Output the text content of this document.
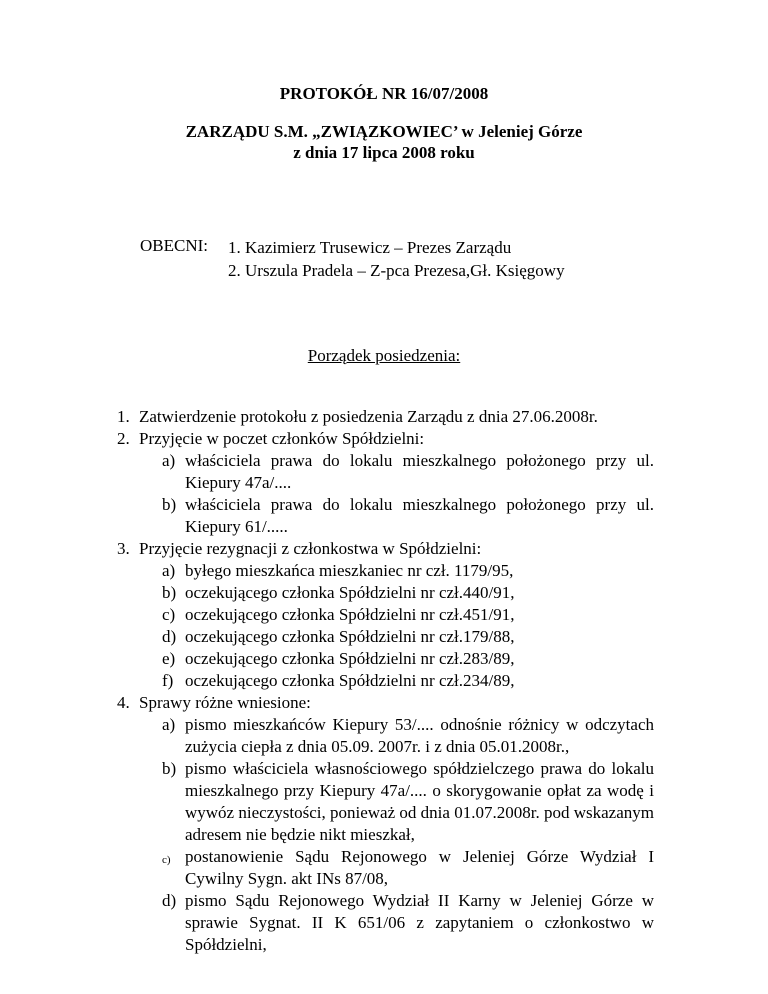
PROTOKÓŁ NR 16/07/2008
ZARZĄDU S.M. „ZWIĄZKOWIEC’ w Jeleniej Górze
z dnia 17 lipca 2008 roku
OBECNI: 1. Kazimierz Trusewicz – Prezes Zarządu
2. Urszula Pradela – Z-pca Prezesa,Gł. Księgowy
Porządek posiedzenia:
1. Zatwierdzenie protokołu z posiedzenia Zarządu z dnia 27.06.2008r.
2. Przyjęcie w poczet członków Spółdzielni:
a) właściciela prawa do lokalu mieszkalnego położonego przy ul. Kiepury 47a/....
b) właściciela prawa do lokalu mieszkalnego położonego przy ul. Kiepury 61/.....
3. Przyjęcie rezygnacji z członkostwa w Spółdzielni:
a) byłego mieszkańca mieszkaniec nr czł. 1179/95,
b) oczekującego członka Spółdzielni nr czł.440/91,
c) oczekującego członka Spółdzielni nr czł.451/91,
d) oczekującego członka Spółdzielni nr czł.179/88,
e) oczekującego członka Spółdzielni nr czł.283/89,
f) oczekującego członka Spółdzielni nr czł.234/89,
4. Sprawy różne wniesione:
a) pismo mieszkańców Kiepury 53/.... odnośnie różnicy w odczytach zużycia ciepła z dnia 05.09. 2007r. i z dnia 05.01.2008r.,
b) pismo właściciela własnościowego spółdzielczego prawa do lokalu mieszkalnego przy Kiepury 47a/.... o skorygowanie opłat za wodę i wywóz nieczystości, ponieważ od dnia 01.07.2008r. pod wskazanym adresem nie będzie nikt mieszkał,
c) postanowienie Sądu Rejonowego w Jeleniej Górze Wydział I Cywilny Sygn. akt INs 87/08,
d) pismo Sądu Rejonowego Wydział II Karny w Jeleniej Górze w sprawie Sygnat. II K 651/06 z zapytaniem o członkostwo w Spółdzielni,
